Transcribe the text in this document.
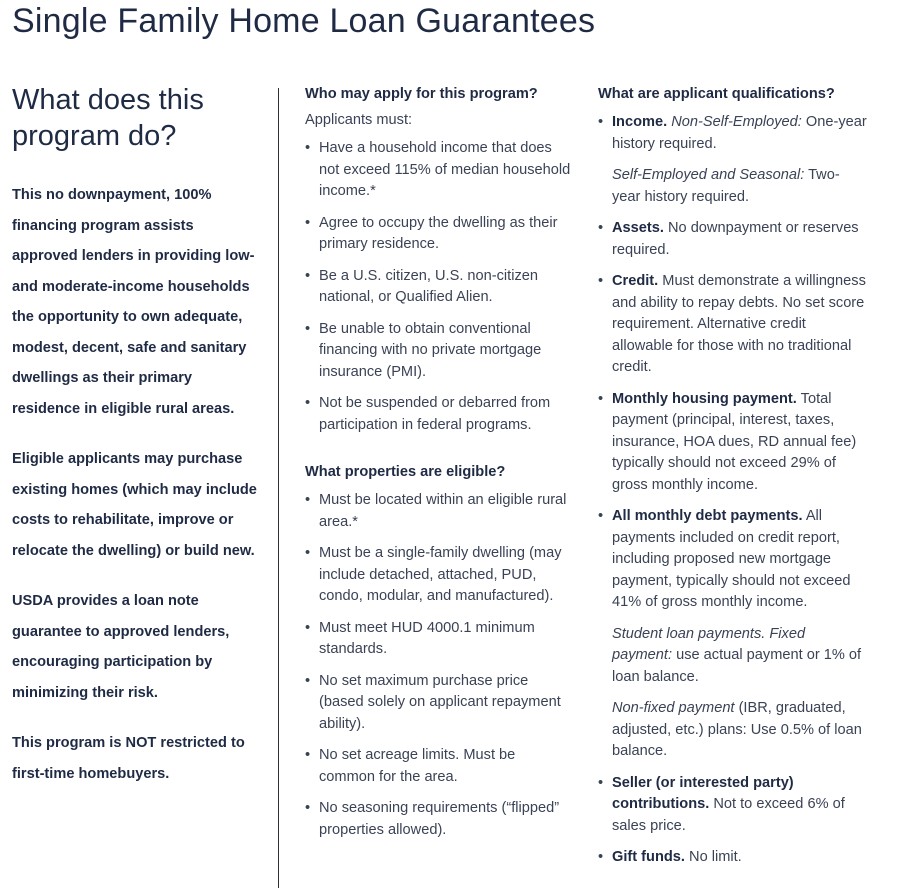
Single Family Home Loan Guarantees
What does this program do?

This no downpayment, 100% financing program assists approved lenders in providing low- and moderate-income households the opportunity to own adequate, modest, decent, safe and sanitary dwellings as their primary residence in eligible rural areas.

Eligible applicants may purchase existing homes (which may include costs to rehabilitate, improve or relocate the dwelling) or build new.

USDA provides a loan note guarantee to approved lenders, encouraging participation by minimizing their risk.

This program is NOT restricted to first-time homebuyers.

Who may apply for this program?
Applicants must:
• Have a household income that does not exceed 115% of median household income.*
• Agree to occupy the dwelling as their primary residence.
• Be a U.S. citizen, U.S. non-citizen national, or Qualified Alien.
• Be unable to obtain conventional financing with no private mortgage insurance (PMI).
• Not be suspended or debarred from participation in federal programs.
What properties are eligible?
• Must be located within an eligible rural area.*
• Must be a single-family dwelling (may include detached, attached, PUD, condo, modular, and manufactured).
• Must meet HUD 4000.1 minimum standards.
• No set maximum purchase price (based solely on applicant repayment ability).
• No set acreage limits. Must be common for the area.
• No seasoning requirements (“flipped” properties allowed).
What are applicant qualifications?
• Income. Non-Self-Employed: One-year history required.
Self-Employed and Seasonal: Two-year history required.
• Assets. No downpayment or reserves required.
• Credit. Must demonstrate a willingness and ability to repay debts. No set score requirement. Alternative credit allowable for those with no traditional credit.
• Monthly housing payment. Total payment (principal, interest, taxes, insurance, HOA dues, RD annual fee) typically should not exceed 29% of gross monthly income.
• All monthly debt payments. All payments included on credit report, including proposed new mortgage payment, typically should not exceed 41% of gross monthly income.
Student loan payments. Fixed payment: use actual payment or 1% of loan balance.
Non-fixed payment (IBR, graduated, adjusted, etc.) plans: Use 0.5% of loan balance.
• Seller (or interested party) contributions. Not to exceed 6% of sales price.
• Gift funds. No limit.
